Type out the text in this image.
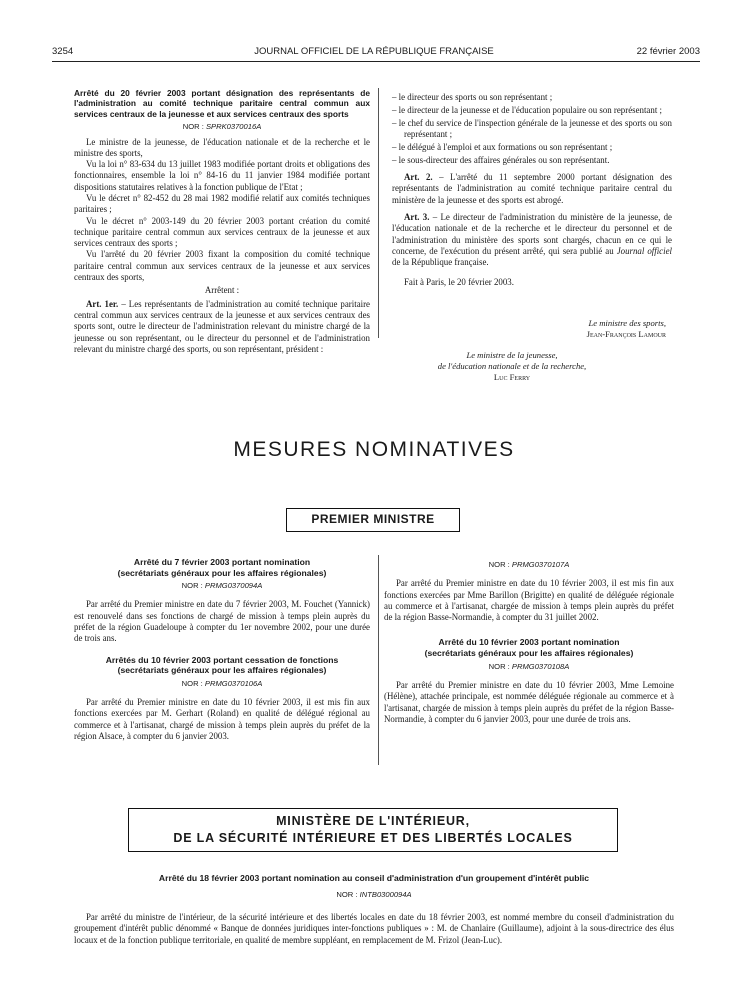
3254	JOURNAL OFFICIEL DE LA RÉPUBLIQUE FRANÇAISE	22 février 2003
Arrêté du 20 février 2003 portant désignation des représentants de l'administration au comité technique paritaire central commun aux services centraux de la jeunesse et aux services centraux des sports
NOR : SPRK0370016A

Le ministre de la jeunesse, de l'éducation nationale et de la recherche et le ministre des sports,

Vu la loi n° 83-634 du 13 juillet 1983 modifiée portant droits et obligations des fonctionnaires, ensemble la loi n° 84-16 du 11 janvier 1984 modifiée portant dispositions statutaires relatives à la fonction publique de l'Etat ;

Vu le décret n° 82-452 du 28 mai 1982 modifié relatif aux comités techniques paritaires ;

Vu le décret n° 2003-149 du 20 février 2003 portant création du comité technique paritaire central commun aux services centraux de la jeunesse et aux services centraux des sports ;

Vu l'arrêté du 20 février 2003 fixant la composition du comité technique paritaire central commun aux services centraux de la jeunesse et aux services centraux des sports,

Arrêtent :

Art. 1er. – Les représentants de l'administration au comité technique paritaire central commun aux services centraux de la jeunesse et aux services centraux des sports sont, outre le directeur de l'administration relevant du ministre chargé de la jeunesse ou son représentant, ou le directeur du personnel et de l'administration relevant du ministre chargé des sports, ou son représentant, président :

– le directeur des sports ou son représentant ;
– le directeur de la jeunesse et de l'éducation populaire ou son représentant ;
– le chef du service de l'inspection générale de la jeunesse et des sports ou son représentant ;
– le délégué à l'emploi et aux formations ou son représentant ;
– le sous-directeur des affaires générales ou son représentant.

Art. 2. – L'arrêté du 11 septembre 2000 portant désignation des représentants de l'administration au comité technique paritaire central du ministère de la jeunesse et des sports est abrogé.

Art. 3. – Le directeur de l'administration du ministère de la jeunesse, de l'éducation nationale et de la recherche et le directeur du personnel et de l'administration du ministère des sports sont chargés, chacun en ce qui le concerne, de l'exécution du présent arrêté, qui sera publié au Journal officiel de la République française.

Fait à Paris, le 20 février 2003.

Le ministre des sports,
Jean-François Lamour
Le ministre de la jeunesse,
de l'éducation nationale et de la recherche,
Luc Ferry
MESURES NOMINATIVES
PREMIER MINISTRE
Arrêté du 7 février 2003 portant nomination
(secrétariats généraux pour les affaires régionales)
NOR : PRMG0370094A

Par arrêté du Premier ministre en date du 7 février 2003, M. Fouchet (Yannick) est renouvelé dans ses fonctions de chargé de mission à temps plein auprès du préfet de la région Guadeloupe à compter du 1er novembre 2002, pour une durée de trois ans.

Arrêtés du 10 février 2003 portant cessation de fonctions
(secrétariats généraux pour les affaires régionales)
NOR : PRMG0370106A

Par arrêté du Premier ministre en date du 10 février 2003, il est mis fin aux fonctions exercées par M. Gerhart (Roland) en qualité de délégué régional au commerce et à l'artisanat, chargé de mission à temps plein auprès du préfet de la région Alsace, à compter du 6 janvier 2003.

NOR : PRMG0370107A

Par arrêté du Premier ministre en date du 10 février 2003, il est mis fin aux fonctions exercées par Mme Barillon (Brigitte) en qualité de déléguée régionale au commerce et à l'artisanat, chargée de mission à temps plein auprès du préfet de la région Basse-Normandie, à compter du 31 juillet 2002.

Arrêté du 10 février 2003 portant nomination
(secrétariats généraux pour les affaires régionales)
NOR : PRMG0370108A

Par arrêté du Premier ministre en date du 10 février 2003, Mme Lemoine (Hélène), attachée principale, est nommée déléguée régionale au commerce et à l'artisanat, chargée de mission à temps plein auprès du préfet de la région Basse-Normandie, à compter du 6 janvier 2003, pour une durée de trois ans.

MINISTÈRE DE L'INTÉRIEUR,
DE LA SÉCURITÉ INTÉRIEURE ET DES LIBERTÉS LOCALES
Arrêté du 18 février 2003 portant nomination au conseil d'administration d'un groupement d'intérêt public
NOR : INTB0300094A

Par arrêté du ministre de l'intérieur, de la sécurité intérieure et des libertés locales en date du 18 février 2003, est nommé membre du conseil d'administration du groupement d'intérêt public dénommé « Banque de données juridiques inter-fonctions publiques » : M. de Chanlaire (Guillaume), adjoint à la sous-directrice des élus locaux et de la fonction publique territoriale, en qualité de membre suppléant, en remplacement de M. Frizol (Jean-Luc).
